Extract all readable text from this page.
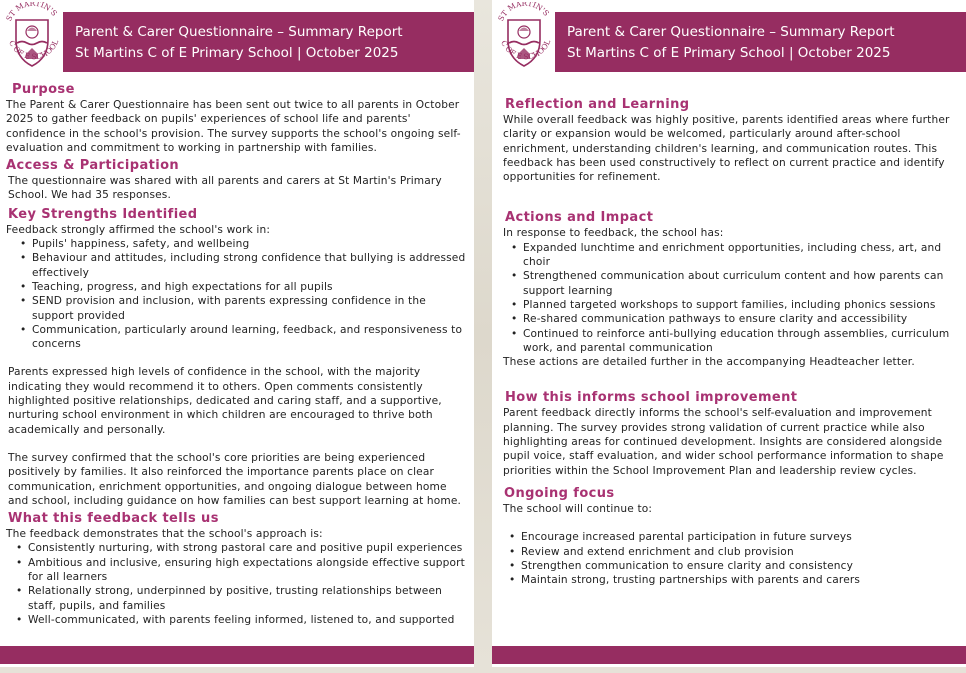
ST MARTIN'S
C OF E SCHOOL
Parent & Carer Questionnaire – Summary Report
St Martins C of E Primary School | October 2025
Purpose

The Parent & Carer Questionnaire has been sent out twice to all parents in October 2025 to gather feedback on pupils' experiences of school life and parents' confidence in the school's provision. The survey supports the school's ongoing self-evaluation and commitment to working in partnership with families.

Access & Participation

The questionnaire was shared with all parents and carers at St Martin's Primary School. We had 35 responses.

Key Strengths Identified

Feedback strongly affirmed the school's work in:

• Pupils' happiness, safety, and wellbeing
• Behaviour and attitudes, including strong confidence that bullying is addressed effectively
• Teaching, progress, and high expectations for all pupils
• SEND provision and inclusion, with parents expressing confidence in the support provided
• Communication, particularly around learning, feedback, and responsiveness to concerns

Parents expressed high levels of confidence in the school, with the majority indicating they would recommend it to others. Open comments consistently highlighted positive relationships, dedicated and caring staff, and a supportive, nurturing school environment in which children are encouraged to thrive both academically and personally.

The survey confirmed that the school's core priorities are being experienced positively by families. It also reinforced the importance parents place on clear communication, enrichment opportunities, and ongoing dialogue between home and school, including guidance on how families can best support learning at home.

What this feedback tells us

The feedback demonstrates that the school's approach is:

• Consistently nurturing, with strong pastoral care and positive pupil experiences
• Ambitious and inclusive, ensuring high expectations alongside effective support for all learners
• Relationally strong, underpinned by positive, trusting relationships between staff, pupils, and families
• Well-communicated, with parents feeling informed, listened to, and supported
ST MARTIN'S
C OF E SCHOOL
Parent & Carer Questionnaire – Summary Report
St Martins C of E Primary School | October 2025
Reflection and Learning

While overall feedback was highly positive, parents identified areas where further clarity or expansion would be welcomed, particularly around after-school enrichment, understanding children's learning, and communication routes. This feedback has been used constructively to reflect on current practice and identify opportunities for refinement.

Actions and Impact

In response to feedback, the school has:

• Expanded lunchtime and enrichment opportunities, including chess, art, and choir
• Strengthened communication about curriculum content and how parents can support learning
• Planned targeted workshops to support families, including phonics sessions
• Re-shared communication pathways to ensure clarity and accessibility
• Continued to reinforce anti-bullying education through assemblies, curriculum work, and parental communication

These actions are detailed further in the accompanying Headteacher letter.

How this informs school improvement

Parent feedback directly informs the school's self-evaluation and improvement planning. The survey provides strong validation of current practice while also highlighting areas for continued development. Insights are considered alongside pupil voice, staff evaluation, and wider school performance information to shape priorities within the School Improvement Plan and leadership review cycles.

Ongoing focus

The school will continue to:

• Encourage increased parental participation in future surveys
• Review and extend enrichment and club provision
• Strengthen communication to ensure clarity and consistency
• Maintain strong, trusting partnerships with parents and carers
